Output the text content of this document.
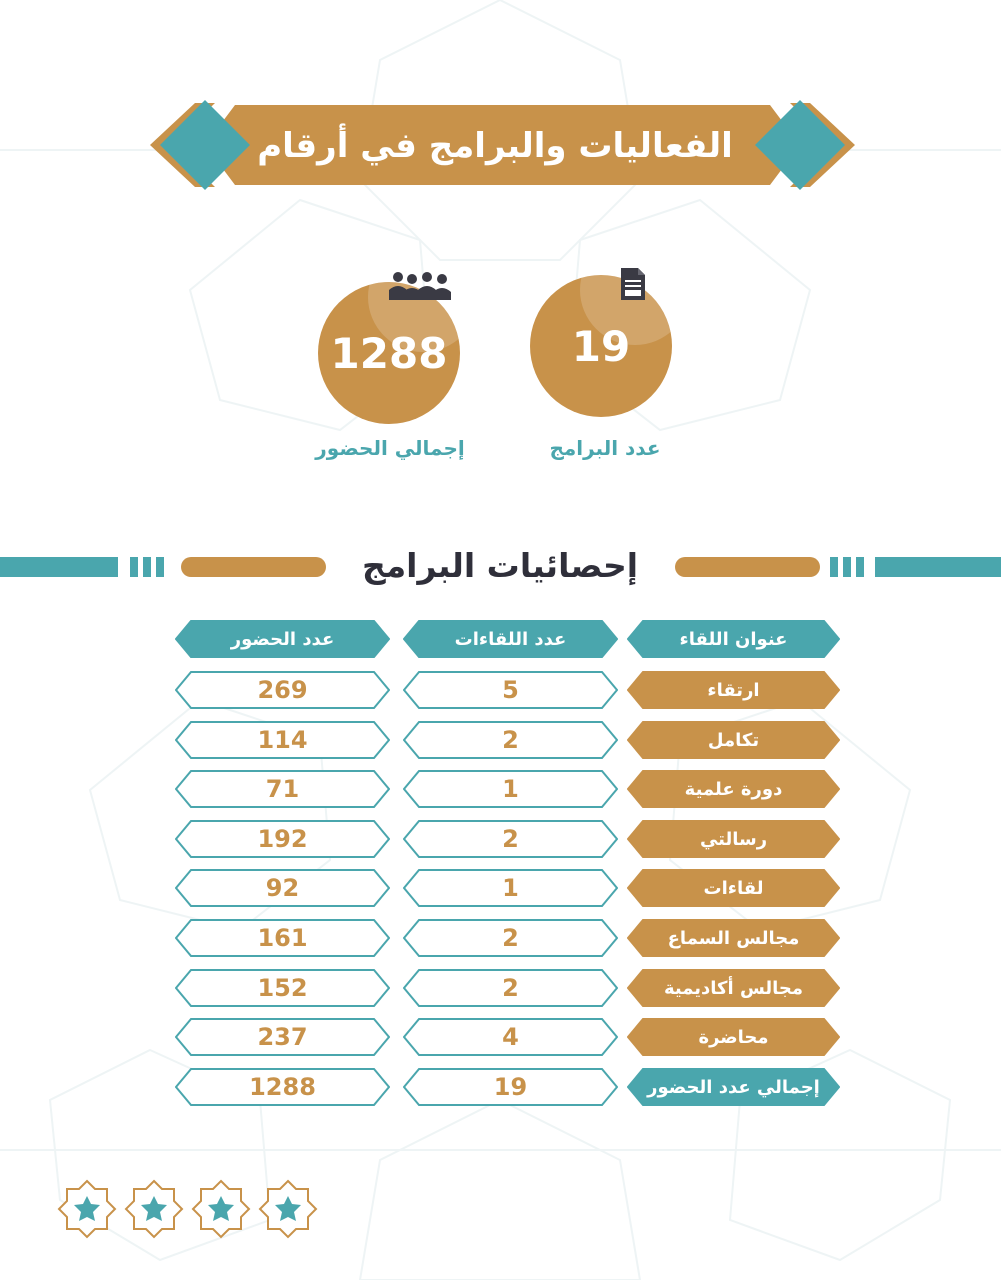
الفعاليات والبرامج في أرقام
19
عدد البرامج
1288
إجمالي الحضور
إحصائيات البرامج
عنوان اللقاء
عدد اللقاءات
عدد الحضور
ارتقاء
5
269
تكامل
2
114
دورة علمية
1
71
رسالتي
2
192
لقاءات
1
92
مجالس السماع
2
161
مجالس أكاديمية
2
152
محاضرة
4
237
إجمالي عدد الحضور
19
1288
